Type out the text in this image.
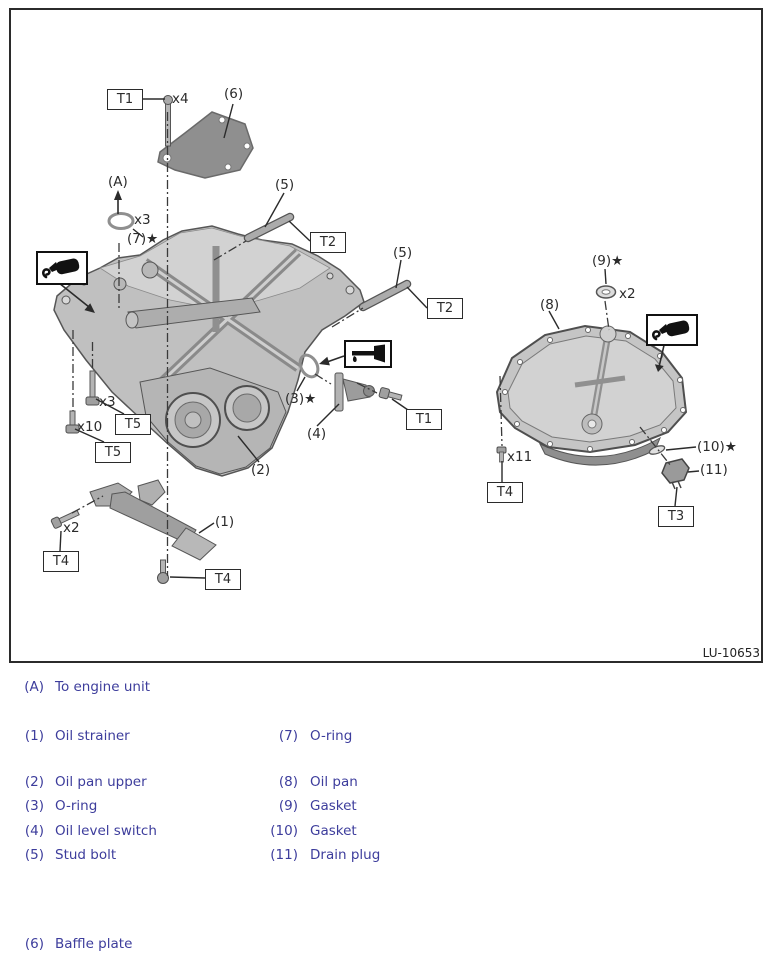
T1
T2
T2
T5
T5
T1
T4
T4
T4
T3
x4	(6)
(A)
x3
(7)★
(5)
(5)
(3)★
(4)
x3
x10
(2)
(9)★
x2
(8)
x11
(10)★
(11)
x2	(1)
LU-10653
(A) To engine unit
(1) Oil strainer	(7) O-ring
(2) Oil pan upper	(8) Oil pan
(3) O-ring	(9) Gasket
(4) Oil level switch	(10) Gasket
(5) Stud bolt	(11) Drain plug
(6) Baffle plate
